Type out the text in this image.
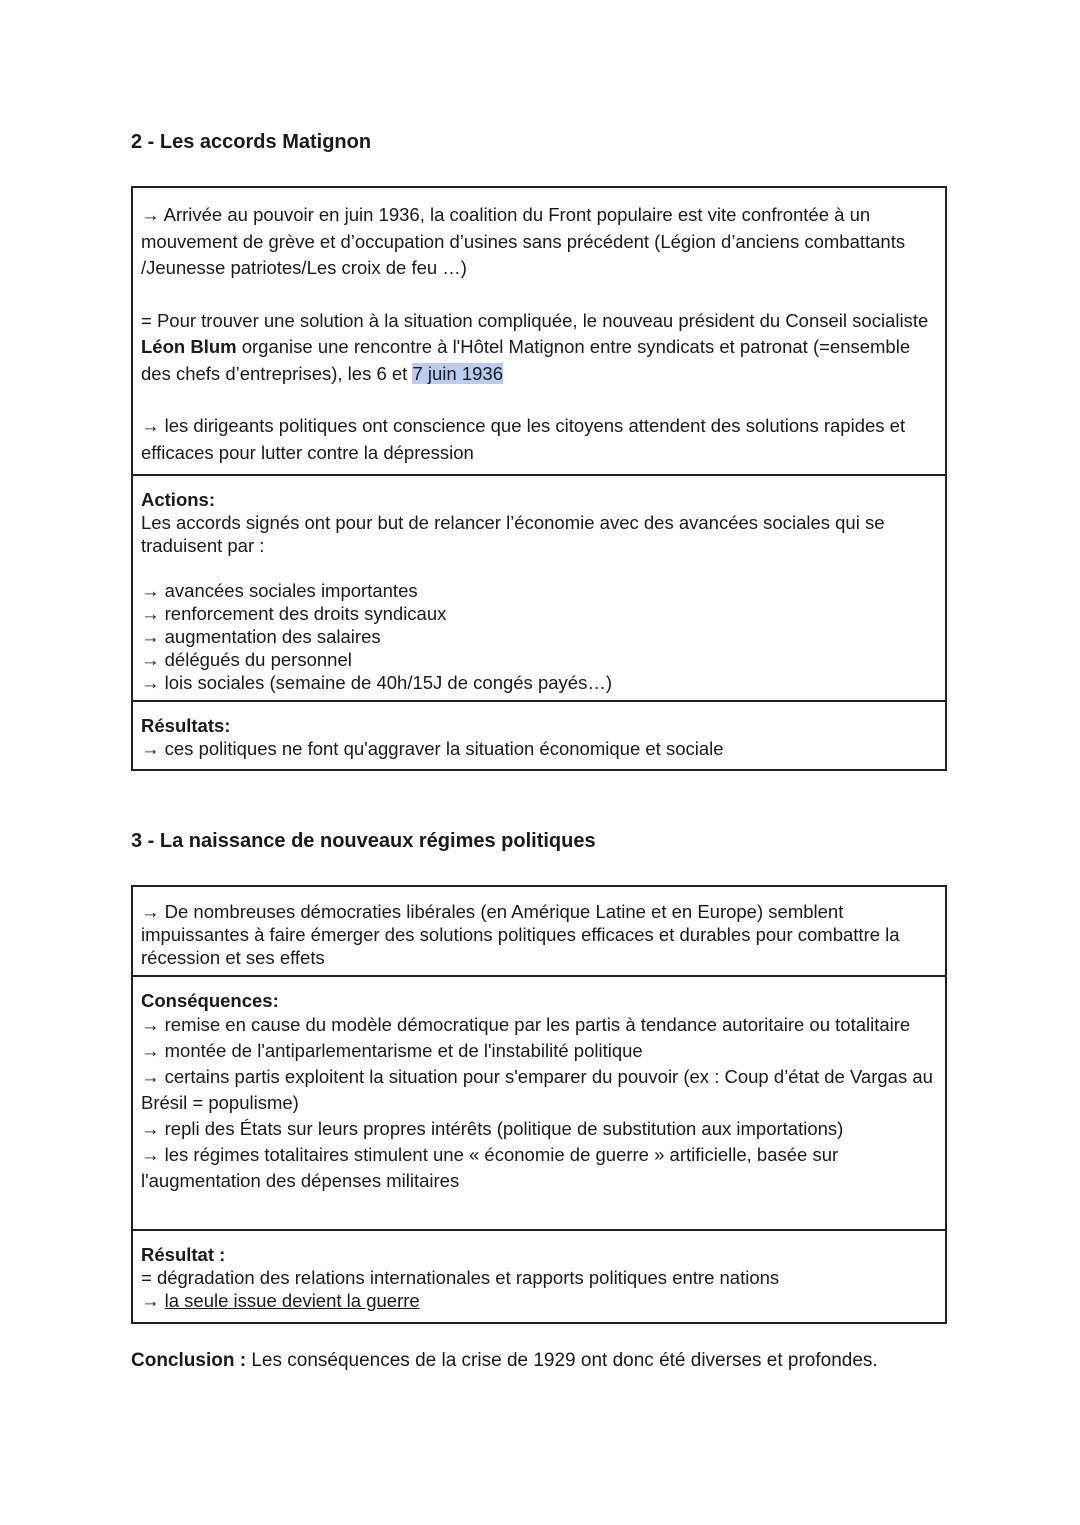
2 - Les accords Matignon

→ Arrivée au pouvoir en juin 1936, la coalition du Front populaire est vite confrontée à un mouvement de grève et d’occupation d’usines sans précédent (Légion d’anciens combattants /Jeunesse patriotes/Les croix de feu …)

= Pour trouver une solution à la situation compliquée, le nouveau président du Conseil socialiste Léon Blum organise une rencontre à l'Hôtel Matignon entre syndicats et patronat (=ensemble des chefs d’entreprises), les 6 et 7 juin 1936

→ les dirigeants politiques ont conscience que les citoyens attendent des solutions rapides et efficaces pour lutter contre la dépression

Actions:
Les accords signés ont pour but de relancer l’économie avec des avancées sociales qui se traduisent par :
→ avancées sociales importantes
→ renforcement des droits syndicaux
→ augmentation des salaires
→ délégués du personnel
→ lois sociales (semaine de 40h/15J de congés payés…)
Résultats:
→ ces politiques ne font qu'aggraver la situation économique et sociale
3 - La naissance de nouveaux régimes politiques
→ De nombreuses démocraties libérales (en Amérique Latine et en Europe) semblent impuissantes à faire émerger des solutions politiques efficaces et durables pour combattre la récession et ses effets
Conséquences:
→ remise en cause du modèle démocratique par les partis à tendance autoritaire ou totalitaire
→ montée de l'antiparlementarisme et de l'instabilité politique
→ certains partis exploitent la situation pour s'emparer du pouvoir (ex : Coup d’état de Vargas au Brésil = populisme)
→ repli des États sur leurs propres intérêts (politique de substitution aux importations)
→ les régimes totalitaires stimulent une « économie de guerre » artificielle, basée sur l'augmentation des dépenses militaires
Résultat :
= dégradation des relations internationales et rapports politiques entre nations
→ la seule issue devient la guerre

Conclusion : Les conséquences de la crise de 1929 ont donc été diverses et profondes.
